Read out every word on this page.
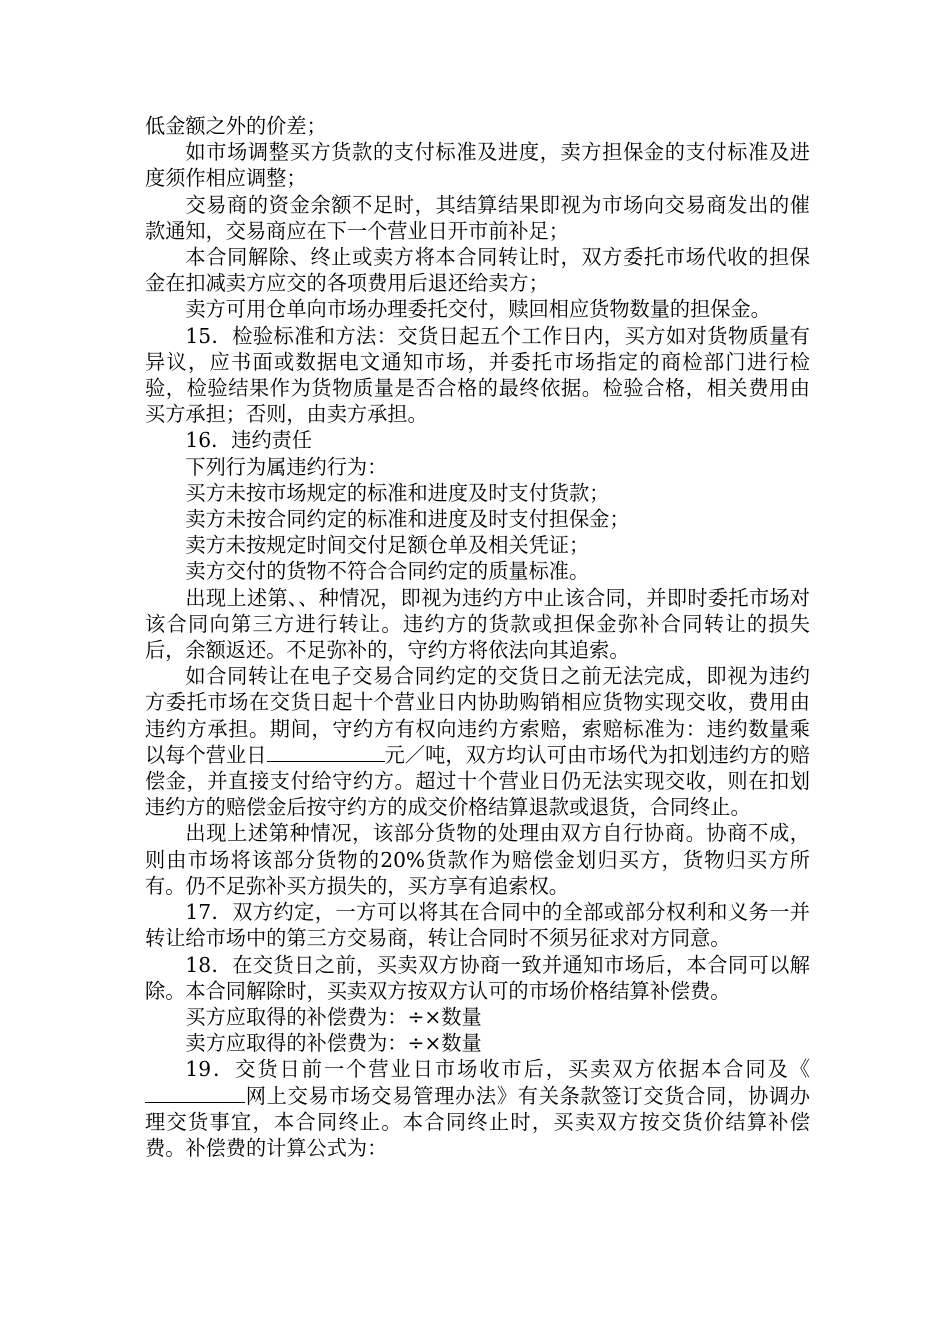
低金额之外的价差；

如市场调整买方货款的支付标准及进度，卖方担保金的支付标准及进度须作相应调整；

交易商的资金余额不足时，其结算结果即视为市场向交易商发出的催款通知，交易商应在下一个营业日开市前补足；

本合同解除、终止或卖方将本合同转让时，双方委托市场代收的担保金在扣减卖方应交的各项费用后退还给卖方；

卖方可用仓单向市场办理委托交付，赎回相应货物数量的担保金。

15．检验标准和方法：交货日起五个工作日内，买方如对货物质量有异议，应书面或数据电文通知市场，并委托市场指定的商检部门进行检验，检验结果作为货物质量是否合格的最终依据。检验合格，相关费用由买方承担；否则，由卖方承担。

16．违约责任

下列行为属违约行为：

买方未按市场规定的标准和进度及时支付货款；

卖方未按合同约定的标准和进度及时支付担保金；

卖方未按规定时间交付足额仓单及相关凭证；

卖方交付的货物不符合合同约定的质量标准。

出现上述第、、种情况，即视为违约方中止该合同，并即时委托市场对该合同向第三方进行转让。违约方的货款或担保金弥补合同转让的损失后，余额返还。不足弥补的，守约方将依法向其追索。

如合同转让在电子交易合同约定的交货日之前无法完成，即视为违约方委托市场在交货日起十个营业日内协助购销相应货物实现交收，费用由违约方承担。期间，守约方有权向违约方索赔，索赔标准为：违约数量乘以每个营业日	元／吨，双方均认可由市场代为扣划违约方的赔偿金，并直接支付给守约方。超过十个营业日仍无法实现交收，则在扣划违约方的赔偿金后按守约方的成交价格结算退款或退货，合同终止。

出现上述第种情况，该部分货物的处理由双方自行协商。协商不成，则由市场将该部分货物的20%货款作为赔偿金划归买方，货物归买方所有。仍不足弥补买方损失的，买方享有追索权。

17．双方约定，一方可以将其在合同中的全部或部分权利和义务一并转让给市场中的第三方交易商，转让合同时不须另征求对方同意。

18．在交货日之前，买卖双方协商一致并通知市场后，本合同可以解除。本合同解除时，买卖双方按双方认可的市场价格结算补偿费。

买方应取得的补偿费为：÷×数量

卖方应取得的补偿费为：÷×数量

19．交货日前一个营业日市场收市后，买卖双方依据本合同及《网上交易市场交易管理办法》有关条款签订交货合同，协调办理交货事宜，本合同终止。本合同终止时，买卖双方按交货价结算补偿费。补偿费的计算公式为：
